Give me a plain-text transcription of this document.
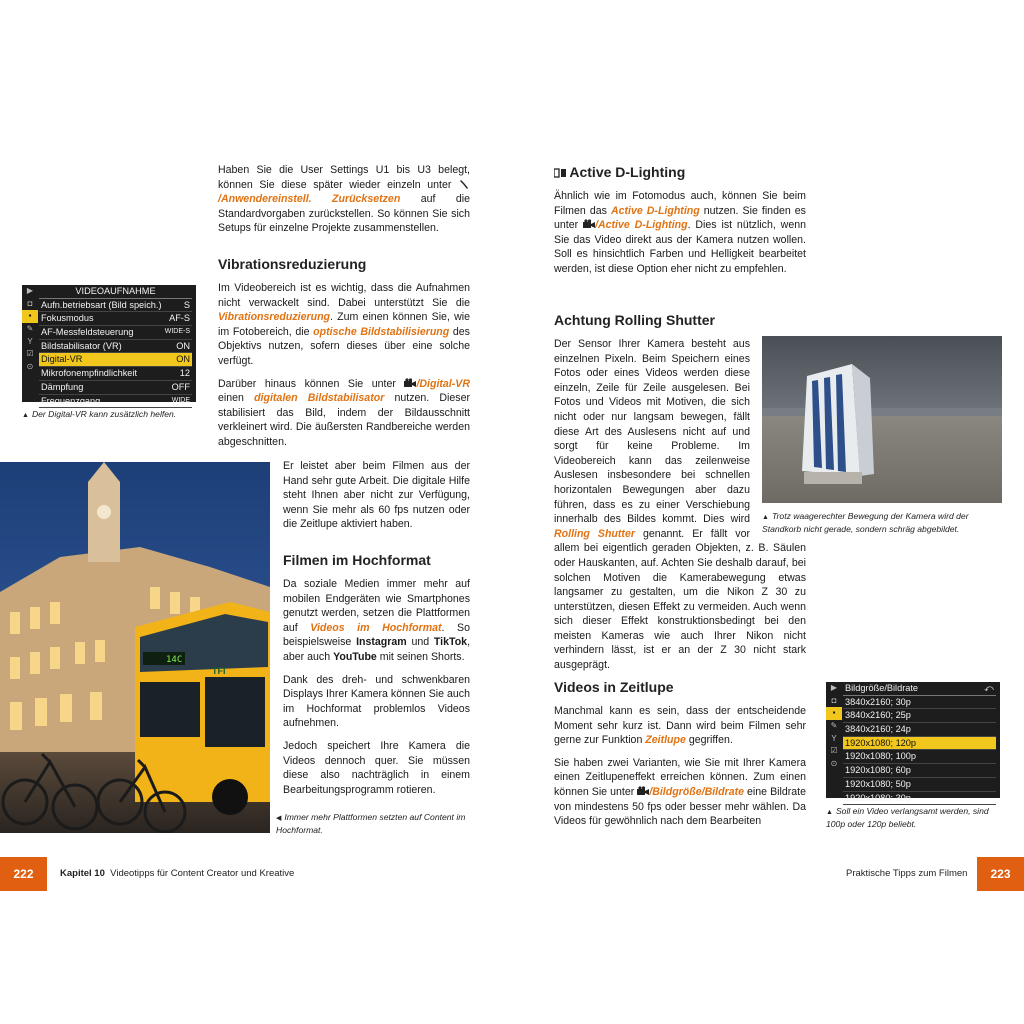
Haben Sie die User Settings U1 bis U3 belegt, können Sie diese später wieder einzeln unter /Anwendereinstell. Zurücksetzen auf die Standardvorgaben zurückstellen. So können Sie sich Setups für einzelne Projekte zusammenstellen.

Vibrationsreduzierung

Im Videobereich ist es wichtig, dass die Aufnahmen nicht verwackelt sind. Dabei unterstützt Sie die Vibrationsreduzierung. Zum einen können Sie, wie im Fotobereich, die optische Bildstabilisierung des Objektivs nutzen, sofern dieses über eine solche verfügt.

Darüber hinaus können Sie unter /Digital-VR einen digitalen Bildstabilisator nutzen. Dieser stabilisiert das Bild, indem der Bildausschnitt verkleinert wird. Die äußersten Randbereiche werden abgeschnitten.

Er leistet aber beim Filmen aus der Hand sehr gute Arbeit. Die digitale Hilfe steht Ihnen aber nicht zur Verfügung, wenn Sie mehr als 60 fps nutzen oder die Zeitlupe aktiviert haben.

▶
◘
▪
✎
Y
☑
⊙
VIDEOAUFNAHME
Aufn.betriebsart (Bild speich.) S
Fokusmodus	AF-S
AF-Messfeldsteuerung	WIDE-S
Bildstabilisator (VR)	ON
Digital-VR	ON
Mikrofonempfindlichkeit	12
Dämpfung	OFF
Frequenzgang	WIDE
▲ Der Digital-VR kann zusätzlich helfen.
14C
TFI
Filmen im Hochformat

Da soziale Medien immer mehr auf mobilen Endgeräten wie Smartphones genutzt werden, setzen die Plattformen auf Videos im Hochformat. So beispielsweise Instagram und TikTok, aber auch YouTube mit seinen Shorts.

Dank des dreh- und schwenkbaren Displays Ihrer Kamera können Sie auch im Hochformat problemlos Videos aufnehmen.

Jedoch speichert Ihre Kamera die Videos dennoch quer. Sie müssen diese also nachträglich in einem Bearbeitungsprogramm rotieren.

◀ Immer mehr Plattformen setzten auf Content im Hochformat.
222	Kapitel 10 Videotipps für Content Creator und Kreative
Active D-Lighting

Ähnlich wie im Fotomodus auch, können Sie beim Filmen das Active D-Lighting nutzen. Sie finden es unter /Active D-Lighting. Dies ist nützlich, wenn Sie das Video direkt aus der Kamera nutzen wollen. Soll es hinsichtlich Farben und Helligkeit bearbeitet werden, ist diese Option eher nicht zu empfehlen.

Achtung Rolling Shutter

Der Sensor Ihrer Kamera besteht aus einzelnen Pixeln. Beim Speichern eines Fotos oder eines Videos werden diese einzeln, Zeile für Zeile ausgelesen. Bei Fotos und Videos mit Motiven, die sich nicht oder nur langsam bewegen, fällt diese Art des Auslesens nicht auf und sorgt für keine Probleme. Im Videobereich kann das zeilenweise Auslesen insbesondere bei schnellen horizontalen Bewegungen aber dazu führen, dass es zu einer Verschiebung innerhalb des Bildes kommt. Dies wird Rolling Shutter genannt. Er fällt vor allem bei eigentlich geraden Objekten, z. B. Säulen oder Hauskanten, auf. Achten Sie deshalb darauf, bei solchen Motiven die Kamerabewegung etwas langsamer zu gestalten, um die Nikon Z 30 zu unterstützen, diesen Effekt zu vermeiden. Auch wenn sich dieser Effekt konstruktionsbedingt bei den meisten Kameras wie auch Ihrer Nikon nicht verhindern lässt, ist er an der Z 30 nicht stark ausgeprägt.

▲ Trotz waagerechter Bewegung der Kamera wird der Standkorb nicht gerade, sondern schräg abgebildet.
Videos in Zeitlupe

Manchmal kann es sein, dass der entscheidende Moment sehr kurz ist. Dann wird beim Filmen sehr gerne zur Funktion Zeitlupe gegriffen.

Sie haben zwei Varianten, wie Sie mit Ihrer Kamera einen Zeitlupeneffekt erreichen können. Zum einen können Sie unter /Bildgröße/Bildrate eine Bildrate von mindestens 50 fps oder besser mehr wählen. Da Videos für gewöhnlich nach dem Bearbeiten

▶
◘
▪
✎
Y
☑
⊙
Bildgröße/Bildrate	⤺
3840x2160; 30p
3840x2160; 25p
3840x2160; 24p
1920x1080; 120p
1920x1080; 100p
1920x1080; 60p
1920x1080; 50p
1920x1080; 30p
▲ Soll ein Video verlangsamt werden, sind 100p oder 120p beliebt.
Praktische Tipps zum Filmen	223
